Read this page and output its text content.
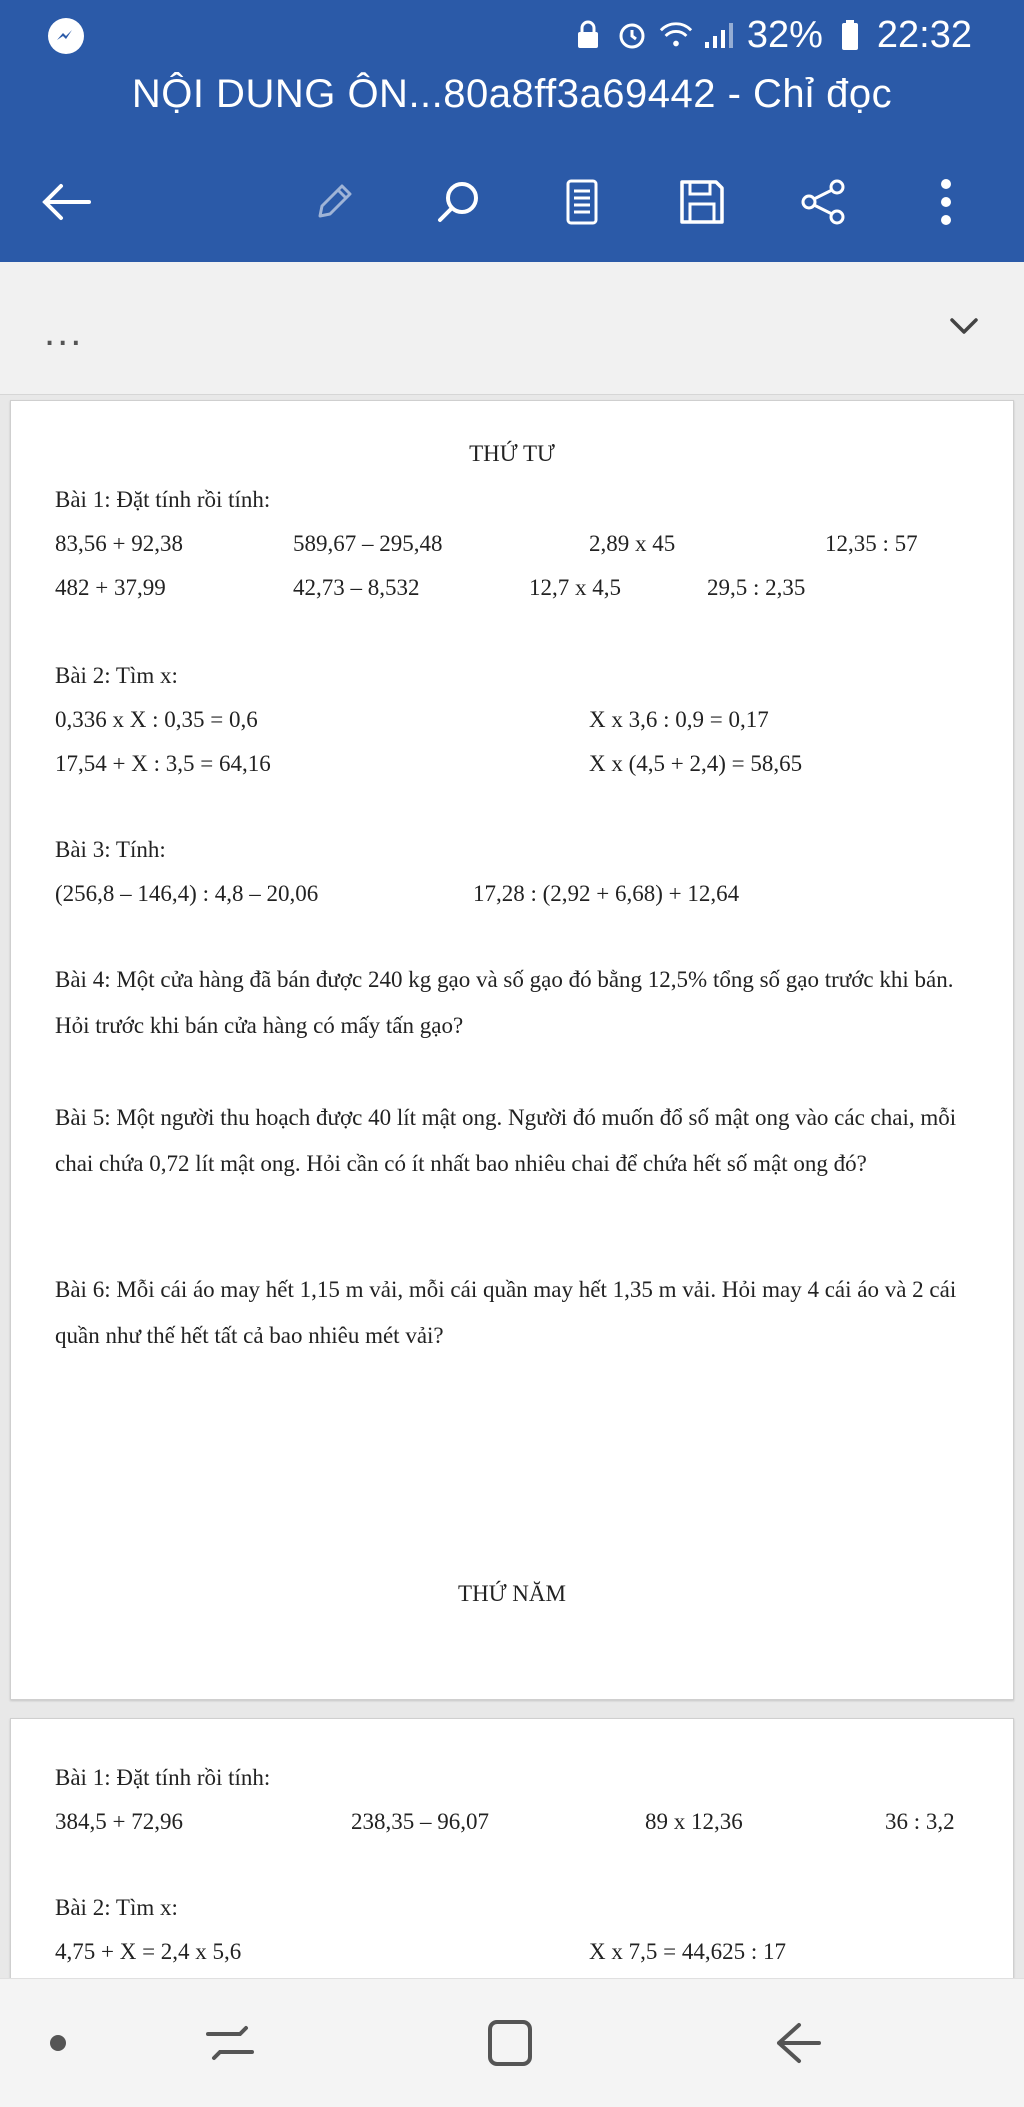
32% 22:32
NỘI DUNG ÔN...80a8ff3a69442 - Chỉ đọc
...
THỨ TƯ
Bài 1: Đặt tính rồi tính:
83,56 + 92,38	589,67 – 295,48	2,89 x 45	12,35 : 57
482 + 37,99	42,73 – 8,532	12,7 x 4,5	29,5 : 2,35
Bài 2: Tìm x:
0,336 x X : 0,35 = 0,6	X x 3,6 : 0,9 = 0,17
17,54 + X : 3,5 = 64,16	X x (4,5 + 2,4) = 58,65
Bài 3: Tính:
(256,8 – 146,4) : 4,8 – 20,06	17,28 : (2,92 + 6,68) + 12,64
Bài 4: Một cửa hàng đã bán được 240 kg gạo và số gạo đó bằng 12,5% tổng số gạo trước khi bán. Hỏi trước khi bán cửa hàng có mấy tấn gạo?
Bài 5: Một người thu hoạch được 40 lít mật ong. Người đó muốn đổ số mật ong vào các chai, mỗi chai chứa 0,72 lít mật ong. Hỏi cần có ít nhất bao nhiêu chai để chứa hết số mật ong đó?
Bài 6: Mỗi cái áo may hết 1,15 m vải, mỗi cái quần may hết 1,35 m vải. Hỏi may 4 cái áo và 2 cái quần như thế hết tất cả bao nhiêu mét vải?
THỨ NĂM
Bài 1: Đặt tính rồi tính:
384,5 + 72,96	238,35 – 96,07	89 x 12,36	36 : 3,2
Bài 2: Tìm x:
4,75 + X = 2,4 x 5,6	X x 7,5 = 44,625 : 17
